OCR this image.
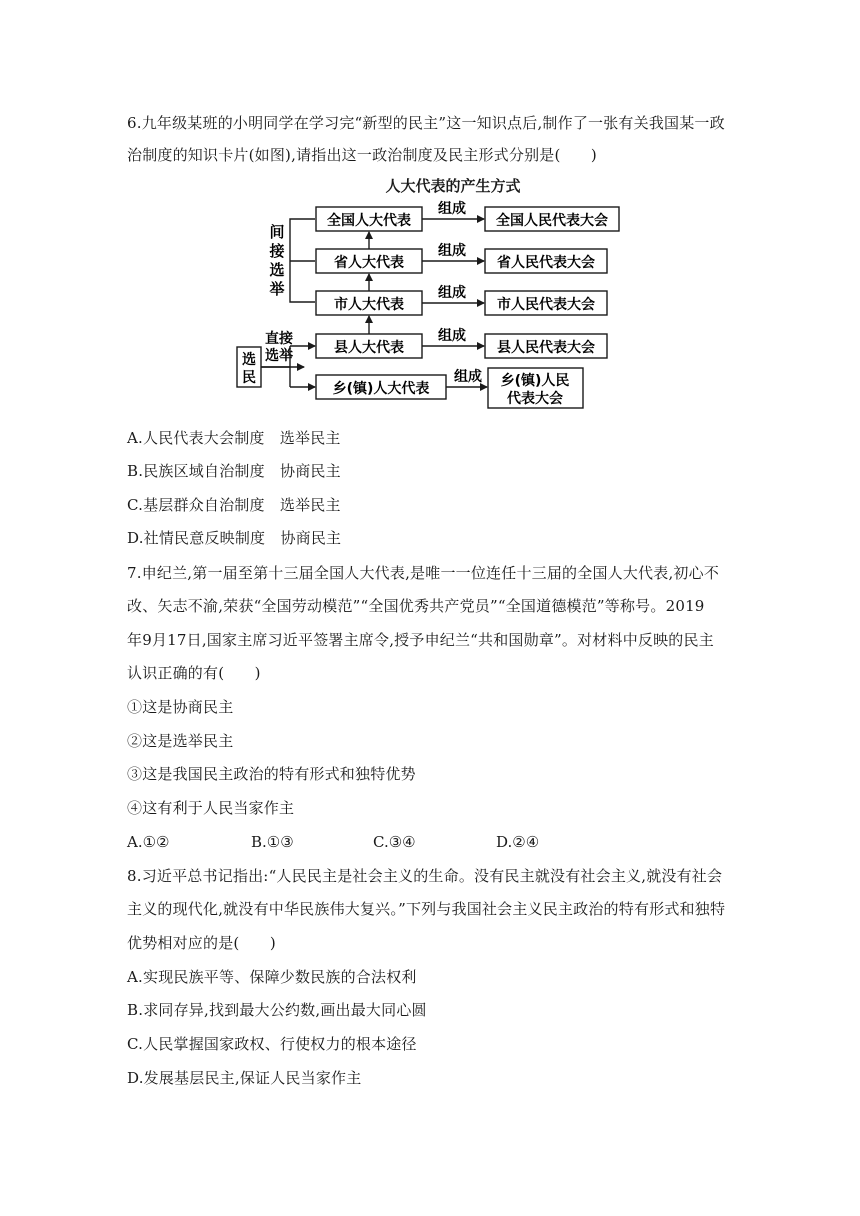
6.九年级某班的小明同学在学习完“新型的民主”这一知识点后,制作了一张有关我国某一政
治制度的知识卡片(如图),请指出这一政治制度及民主形式分别是(　　)
人大代表的产生方式
间
接
选
举
全国人大代表
省人大代表
市人大代表
县人大代表
乡(镇)人大代表
组成
组成
组成
组成
组成
全国人民代表大会
省人民代表大会
市人民代表大会
县人民代表大会
乡(镇)人民
代表大会
直接
选举
选
民
A.人民代表大会制度　选举民主
B.民族区域自治制度　协商民主
C.基层群众自治制度　选举民主
D.社情民意反映制度　协商民主
7.申纪兰,第一届至第十三届全国人大代表,是唯一一位连任十三届的全国人大代表,初心不
改、矢志不渝,荣获“全国劳动模范”“全国优秀共产党员”“全国道德模范”等称号。2019
年9月17日,国家主席习近平签署主席令,授予申纪兰“共和国勋章”。对材料中反映的民主
认识正确的有(　　)
①这是协商民主
②这是选举民主
③这是我国民主政治的特有形式和独特优势
④这有利于人民当家作主
A.①②	B.①③	C.③④	D.②④
8.习近平总书记指出:“人民民主是社会主义的生命。没有民主就没有社会主义,就没有社会
主义的现代化,就没有中华民族伟大复兴。”下列与我国社会主义民主政治的特有形式和独特
优势相对应的是(　　)
A.实现民族平等、保障少数民族的合法权利
B.求同存异,找到最大公约数,画出最大同心圆
C.人民掌握国家政权、行使权力的根本途径
D.发展基层民主,保证人民当家作主
